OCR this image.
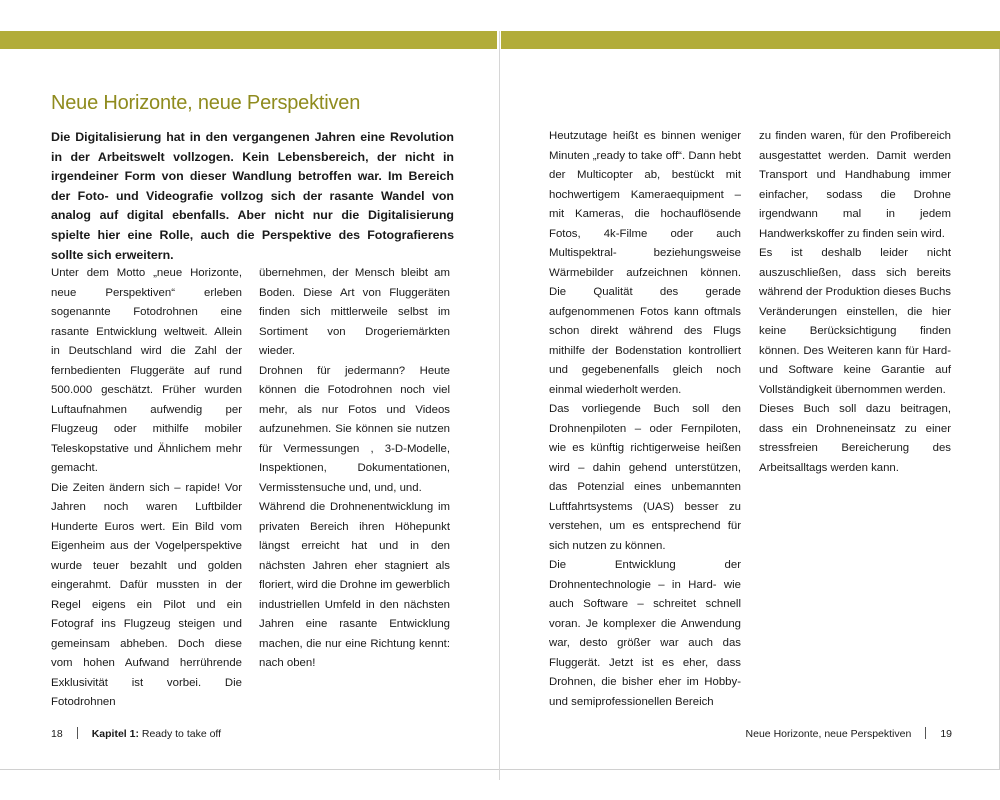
Neue Horizonte, neue Perspektiven

Die Digitalisierung hat in den vergangenen Jahren eine Revolution in der Arbeitswelt vollzogen. Kein Lebensbereich, der nicht in irgendeiner Form von dieser Wandlung betroffen war. Im Bereich der Foto- und Videografie vollzog sich der rasante Wandel von analog auf digital ebenfalls. Aber nicht nur die Digitalisierung spielte hier eine Rolle, auch die Perspektive des Fotografierens sollte sich erweitern.

Unter dem Motto „neue Horizonte, neue Perspektiven“ erleben sogenannte Fotodrohnen eine rasante Entwicklung weltweit. Allein in Deutschland wird die Zahl der fernbedienten Fluggeräte auf rund 500.000 geschätzt. Früher wurden Luftaufnahmen aufwendig per Flugzeug oder mithilfe mobiler Teleskopstative und Ähnlichem mehr gemacht.

Die Zeiten ändern sich – rapide! Vor Jahren noch waren Luftbilder Hunderte Euros wert. Ein Bild vom Eigenheim aus der Vogelperspektive wurde teuer bezahlt und golden eingerahmt. Dafür mussten in der Regel eigens ein Pilot und ein Fotograf ins Flugzeug steigen und gemeinsam abheben. Doch diese vom hohen Aufwand herrührende Exklusivität ist vorbei. Die Fotodrohnen

übernehmen, der Mensch bleibt am Boden. Diese Art von Fluggeräten finden sich mittlerweile selbst im Sortiment von Drogeriemärkten wieder.

Drohnen für jedermann? Heute können die Fotodrohnen noch viel mehr, als nur Fotos und Videos aufzunehmen. Sie können sie nutzen für Vermessungen , 3-D-Modelle, Inspektionen, Dokumentationen, Vermisstensuche und, und, und.

Während die Drohnenentwicklung im privaten Bereich ihren Höhepunkt längst erreicht hat und in den nächsten Jahren eher stagniert als floriert, wird die Drohne im gewerblich industriellen Umfeld in den nächsten Jahren eine rasante Entwicklung machen, die nur eine Richtung kennt: nach oben!

Heutzutage heißt es binnen weniger Minuten „ready to take off“. Dann hebt der Multicopter ab, bestückt mit hochwertigem Kameraequipment – mit Kameras, die hochauflösende Fotos, 4k-Filme oder auch Multispektral- beziehungsweise Wärmebilder aufzeichnen können. Die Qualität des gerade aufgenommenen Fotos kann oftmals schon direkt während des Flugs mithilfe der Bodenstation kontrolliert und gegebenenfalls gleich noch einmal wiederholt werden.

Das vorliegende Buch soll den Drohnenpiloten – oder Fernpiloten, wie es künftig richtigerweise heißen wird – dahin gehend unterstützen, das Potenzial eines unbemannten Luftfahrtsystems (UAS) besser zu verstehen, um es entsprechend für sich nutzen zu können.

Die Entwicklung der Drohnentechnologie – in Hard- wie auch Software – schreitet schnell voran. Je komplexer die Anwendung war, desto größer war auch das Fluggerät. Jetzt ist es eher, dass Drohnen, die bisher eher im Hobby- und semiprofessionellen Bereich

zu finden waren, für den Profibereich ausgestattet werden. Damit werden Transport und Handhabung immer einfacher, sodass die Drohne irgendwann mal in jedem Handwerkskoffer zu finden sein wird.

Es ist deshalb leider nicht auszuschließen, dass sich bereits während der Produktion dieses Buchs Veränderungen einstellen, die hier keine Berücksichtigung finden können. Des Weiteren kann für Hard- und Software keine Garantie auf Vollständigkeit übernommen werden.

Dieses Buch soll dazu beitragen, dass ein Drohneneinsatz zu einer stressfreien Bereicherung des Arbeitsalltags werden kann.

18	Kapitel 1: Ready to take off	Neue Horizonte, neue Perspektiven	19
